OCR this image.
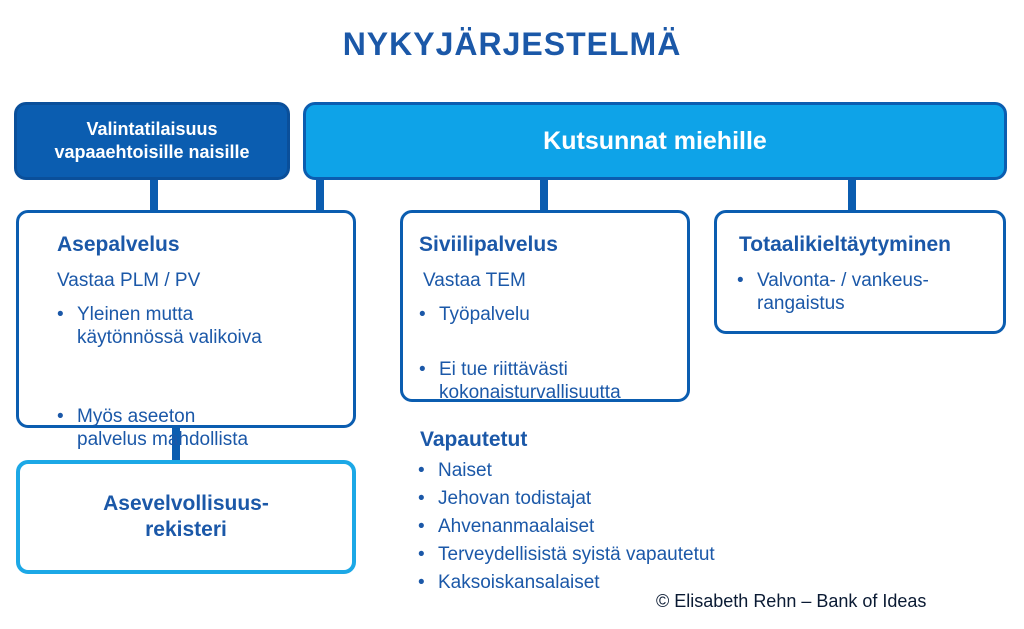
NYKYJÄRJESTELMÄ
Valintatilaisuus
vapaaehtoisille naisille	Kutsunnat miehille
Asepalvelus
Vastaa PLM / PV
• Yleinen mutta
käytönnössä valikoiva
• Myös aseeton
palvelus mahdollista
Siviilipalvelus
Vastaa TEM
• Työpalvelu
• Ei tue riittävästi
kokonaisturvallisuutta
Totaalikieltäytyminen
• Valvonta- / vankeus-
rangaistus
Asevelvollisuus-
rekisteri
Vapautetut
• Naiset
• Jehovan todistajat
• Ahvenanmaalaiset
• Terveydellisistä syistä vapautetut
• Kaksoiskansalaiset
© Elisabeth Rehn – Bank of Ideas
